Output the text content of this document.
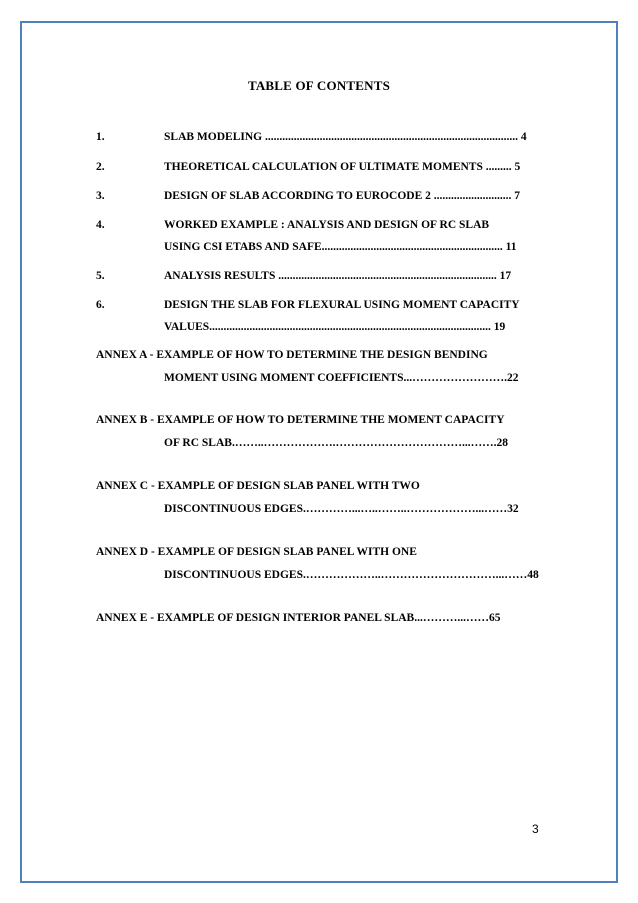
TABLE OF CONTENTS
1.	SLAB MODELING ........................................................................................ 4
2.	THEORETICAL CALCULATION OF ULTIMATE MOMENTS ......... 5
3.	DESIGN OF SLAB ACCORDING TO EUROCODE 2 ........................... 7
4.	WORKED EXAMPLE : ANALYSIS AND DESIGN OF RC SLAB
USING CSI ETABS AND SAFE............................................................... 11
5.	ANALYSIS RESULTS ............................................................................ 17
6.	DESIGN THE SLAB FOR FLEXURAL USING MOMENT CAPACITY
VALUES.................................................................................................. 19
ANNEX A - EXAMPLE OF HOW TO DETERMINE THE DESIGN BENDING
MOMENT USING MOMENT COEFFICIENTS...…………………….22
ANNEX B - EXAMPLE OF HOW TO DETERMINE THE MOMENT CAPACITY
OF RC SLAB.……..……………….……………………………...…….28
ANNEX C - EXAMPLE OF DESIGN SLAB PANEL WITH TWO
DISCONTINUOUS EDGES.…………...…..……..………………...……32
ANNEX D - EXAMPLE OF DESIGN SLAB PANEL WITH ONE
DISCONTINUOUS EDGES.………………..…………………………...……48
ANNEX E - EXAMPLE OF DESIGN INTERIOR PANEL SLAB...………...……65
3
